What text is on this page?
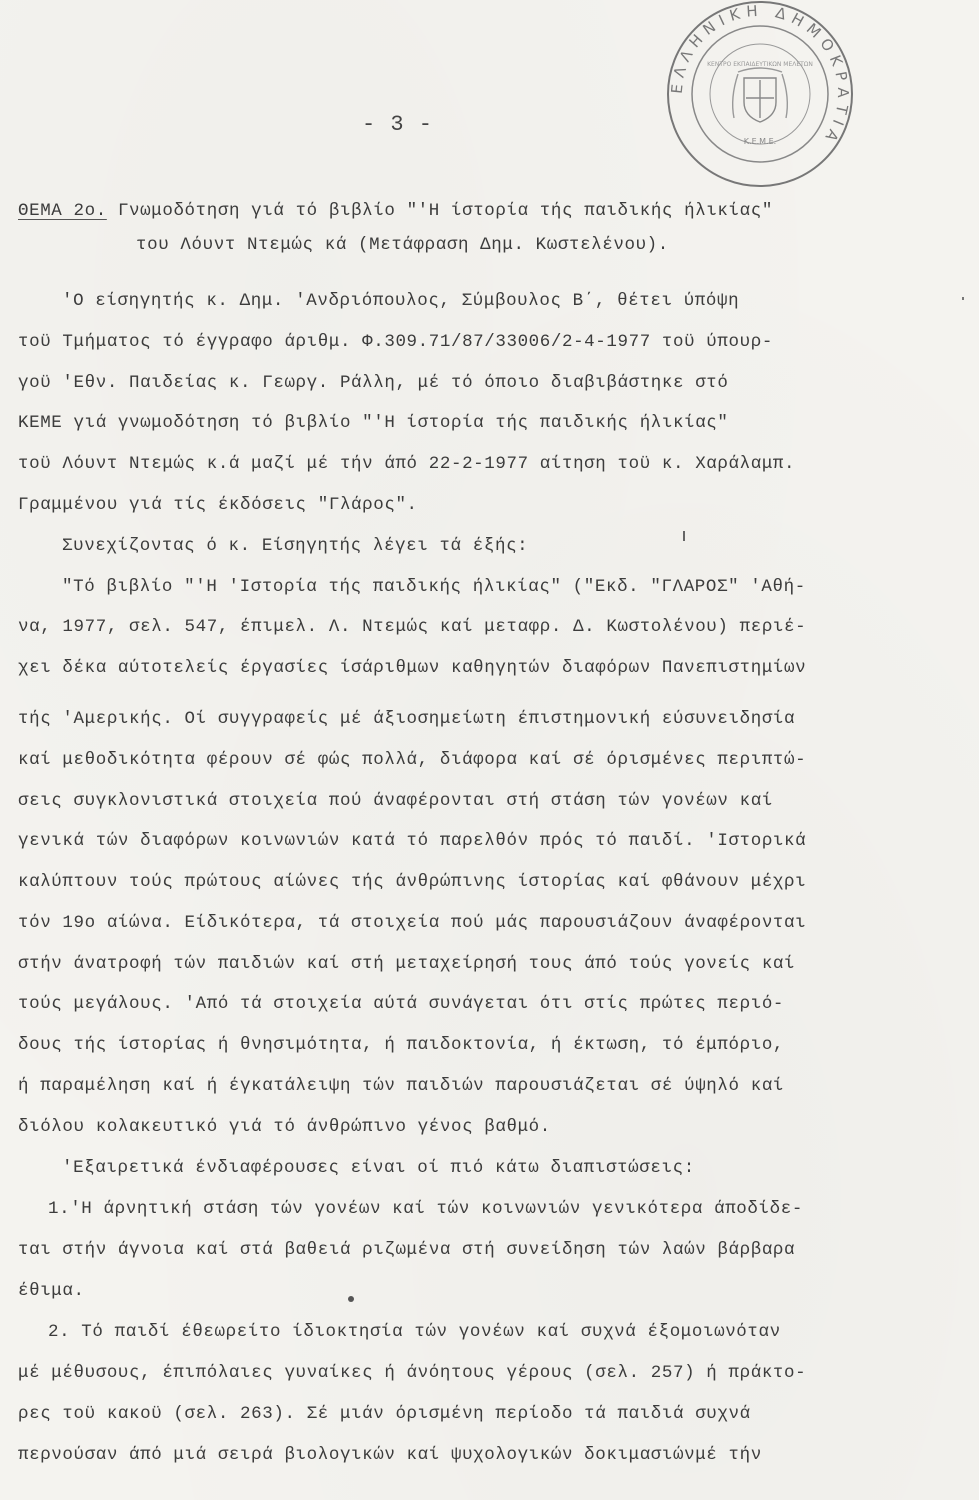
ΕΛΛΗΝΙΚΗ ΔΗΜΟΚΡΑΤΙΑ
ΚΕΝΤΡΟ ΕΚΠΑΙΔΕΥΤΙΚΩΝ ΜΕΛΕΤΩΝ
Κ.Ε.Μ.Ε.
- 3 -
ΘΕΜΑ 2ο. Γνωμοδότηση γιά τό βιβλίο "'Η ίστορία τής παιδικής ήλικίας"
του Λόυντ Ντεμώς κά (Μετάφραση Δημ. Κωστελένου).
'Ο είσηγητής κ. Δημ. 'Ανδριόπουλος, Σύμβουλος Β΄, θέτει ύπόψη
τοϋ Τμήματος τό έγγραφο άριθμ. Φ.309.71/87/33006/2-4-1977 τοϋ ύπουρ-
γοϋ 'Εθν. Παιδείας κ. Γεωργ. Ράλλη, μέ τό όποιο διαβιβάστηκε στό
ΚΕΜΕ γιά γνωμοδότηση τό βιβλίο "'Η ίστορία τής παιδικής ήλικίας"
τοϋ Λόυντ Ντεμώς κ.ά μαζί μέ τήν άπό 22-2-1977 αίτηση τοϋ κ. Χαράλαμπ.
Γραμμένου γιά τίς έκδόσεις "Γλάρος".
Συνεχίζοντας ό κ. Είσηγητής λέγει τά έξής:
"Τό βιβλίο "'Η 'Ιστορία τής παιδικής ήλικίας" ("Εκδ. "ΓΛΑΡΟΣ" 'Αθή-
να, 1977, σελ. 547, έπιμελ. Λ. Ντεμώς καί μεταφρ. Δ. Κωστολένου) περιέ-
χει δέκα αύτοτελείς έργασίες ίσάριθμων καθηγητών διαφόρων Πανεπιστημίων
τής 'Αμερικής. Οί συγγραφείς μέ άξιοσημείωτη έπιστημονική εύσυνειδησία
καί μεθοδικότητα φέρουν σέ φώς πολλά, διάφορα καί σέ όρισμένες περιπτώ-
σεις συγκλονιστικά στοιχεία πού άναφέρονται στή στάση τών γονέων καί
γενικά τών διαφόρων κοινωνιών κατά τό παρελθόν πρός τό παιδί. 'Ιστορικά
καλύπτουν τούς πρώτους αίώνες τής άνθρώπινης ίστορίας καί φθάνουν μέχρι
τόν 19ο αίώνα. Είδικότερα, τά στοιχεία πού μάς παρουσιάζουν άναφέρονται
στήν άνατροφή τών παιδιών καί στή μεταχείρησή τους άπό τούς γονείς καί
τούς μεγάλους. 'Από τά στοιχεία αύτά συνάγεται ότι στίς πρώτες περιό-
δους τής ίστορίας ή θνησιμότητα, ή παιδοκτονία, ή έκτωση, τό έμπόριο,
ή παραμέληση καί ή έγκατάλειψη τών παιδιών παρουσιάζεται σέ ύψηλό καί
διόλου κολακευτικό γιά τό άνθρώπινο γένος βαθμό.
'Εξαιρετικά ένδιαφέρουσες είναι οί πιό κάτω διαπιστώσεις:
1.'Η άρνητική στάση τών γονέων καί τών κοινωνιών γενικότερα άποδίδε-
ται στήν άγνοια καί στά βαθειά ριζωμένα στή συνείδηση τών λαών βάρβαρα
έθιμα.
2. Τό παιδί έθεωρείτο ίδιοκτησία τών γονέων καί συχνά έξομοιωνόταν
μέ μέθυσους, έπιπόλαιες γυναίκες ή άνόητους γέρους (σελ. 257) ή πράκτο-
ρες τοϋ κακοϋ (σελ. 263). Σέ μιάν όρισμένη περίοδο τά παιδιά συχνά
περνούσαν άπό μιά σειρά βιολογικών καί ψυχολογικών δοκιμασιώνμέ τήν
